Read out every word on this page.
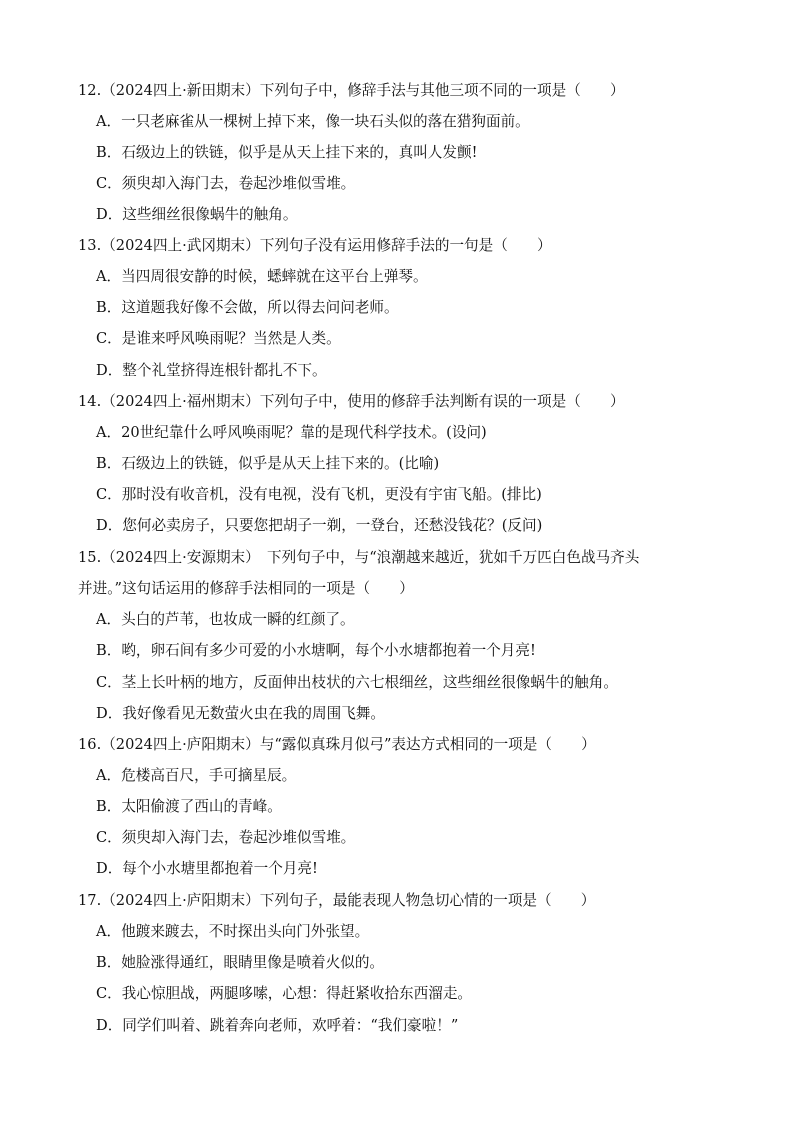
12.（2024四上·新田期末）下列句子中，修辞手法与其他三项不同的一项是（　　）
A．一只老麻雀从一棵树上掉下来，像一块石头似的落在猎狗面前。
B．石级边上的铁链，似乎是从天上挂下来的，真叫人发颤!
C．须臾却入海门去，卷起沙堆似雪堆。
D．这些细丝很像蜗牛的触角。
13.（2024四上·武冈期末）下列句子没有运用修辞手法的一句是（　　）
A．当四周很安静的时候，蟋蟀就在这平台上弹琴。
B．这道题我好像不会做，所以得去问问老师。
C．是谁来呼风唤雨呢？当然是人类。
D．整个礼堂挤得连根针都扎不下。
14.（2024四上·福州期末）下列句子中，使用的修辞手法判断有误的一项是（　　）
A．20世纪靠什么呼风唤雨呢？靠的是现代科学技术。(设问)
B．石级边上的铁链，似乎是从天上挂下来的。(比喻)
C．那时没有收音机，没有电视，没有飞机，更没有宇宙飞船。(排比)
D．您何必卖房子，只要您把胡子一剃，一登台，还愁没钱花？(反问)
15.（2024四上·安源期末）　下列句子中，与“浪潮越来越近，犹如千万匹白色战马齐头
并进。”这句话运用的修辞手法相同的一项是（　　）
A．头白的芦苇，也妆成一瞬的红颜了。
B．哟，卵石间有多少可爱的小水塘啊，每个小水塘都抱着一个月亮!
C．茎上长叶柄的地方，反面伸出枝状的六七根细丝，这些细丝很像蜗牛的触角。
D．我好像看见无数萤火虫在我的周围飞舞。
16.（2024四上·庐阳期末）与“露似真珠月似弓”表达方式相同的一项是（　　）
A．危楼高百尺，手可摘星辰。
B．太阳偷渡了西山的青峰。
C．须臾却入海门去，卷起沙堆似雪堆。
D．每个小水塘里都抱着一个月亮!
17.（2024四上·庐阳期末）下列句子，最能表现人物急切心情的一项是（　　）
A．他踱来踱去，不时探出头向门外张望。
B．她脸涨得通红，眼睛里像是喷着火似的。
C．我心惊胆战，两腿哆嗦，心想：得赶紧收拾东西溜走。
D．同学们叫着、跳着奔向老师，欢呼着：“我们豪啦！”
